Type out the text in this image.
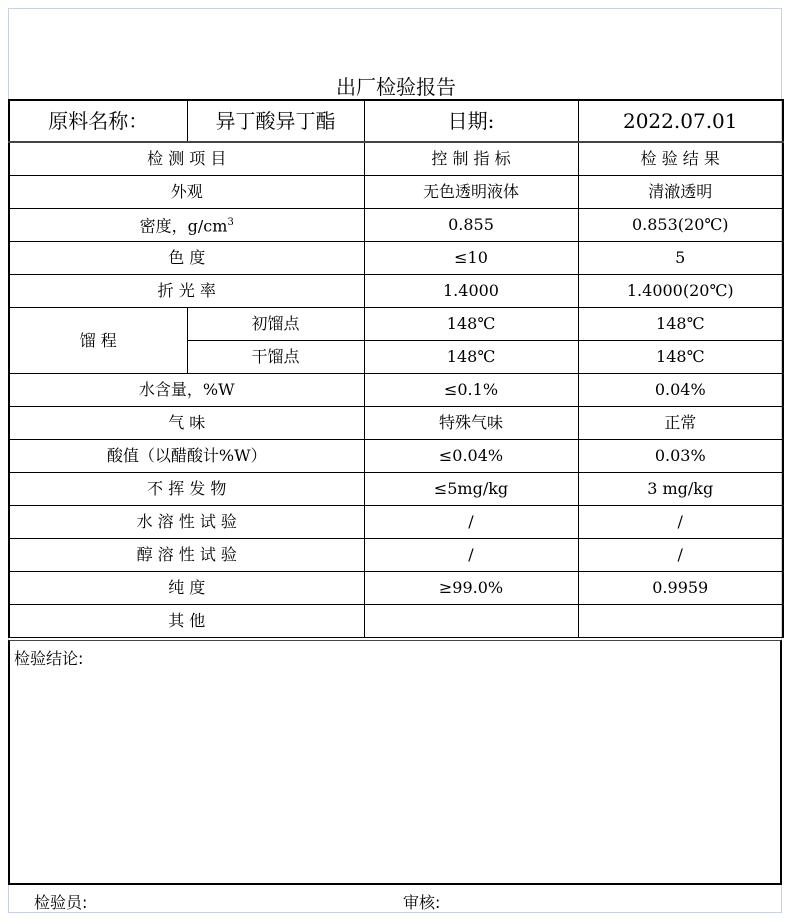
出厂检验报告
原料名称：	异丁酸异丁酯	日期:	2022.07.01
检 测 项 目		控 制 指 标	检 验 结 果
外观		无色透明液体	清澈透明
密度，$g/cm^3$		0.855	0.853(20℃)
色 度		≤10	5
折 光 率		1.4000	1.4000(20℃)
馏 程	初馏点	148℃	148℃
	干馏点	148℃	148℃
水含量，%W		≤0.1%	0.04%
气 味		特殊气味	正常
酸值（以醋酸计%W）		≤0.04%	0.03%
不 挥 发 物		≤5mg/kg	3 mg/kg
水 溶 性 试 验		/	/
醇 溶 性 试 验		/	/
纯 度		≥99.0%	0.9959
其 他			
检验结论:
检验员:	审核:
